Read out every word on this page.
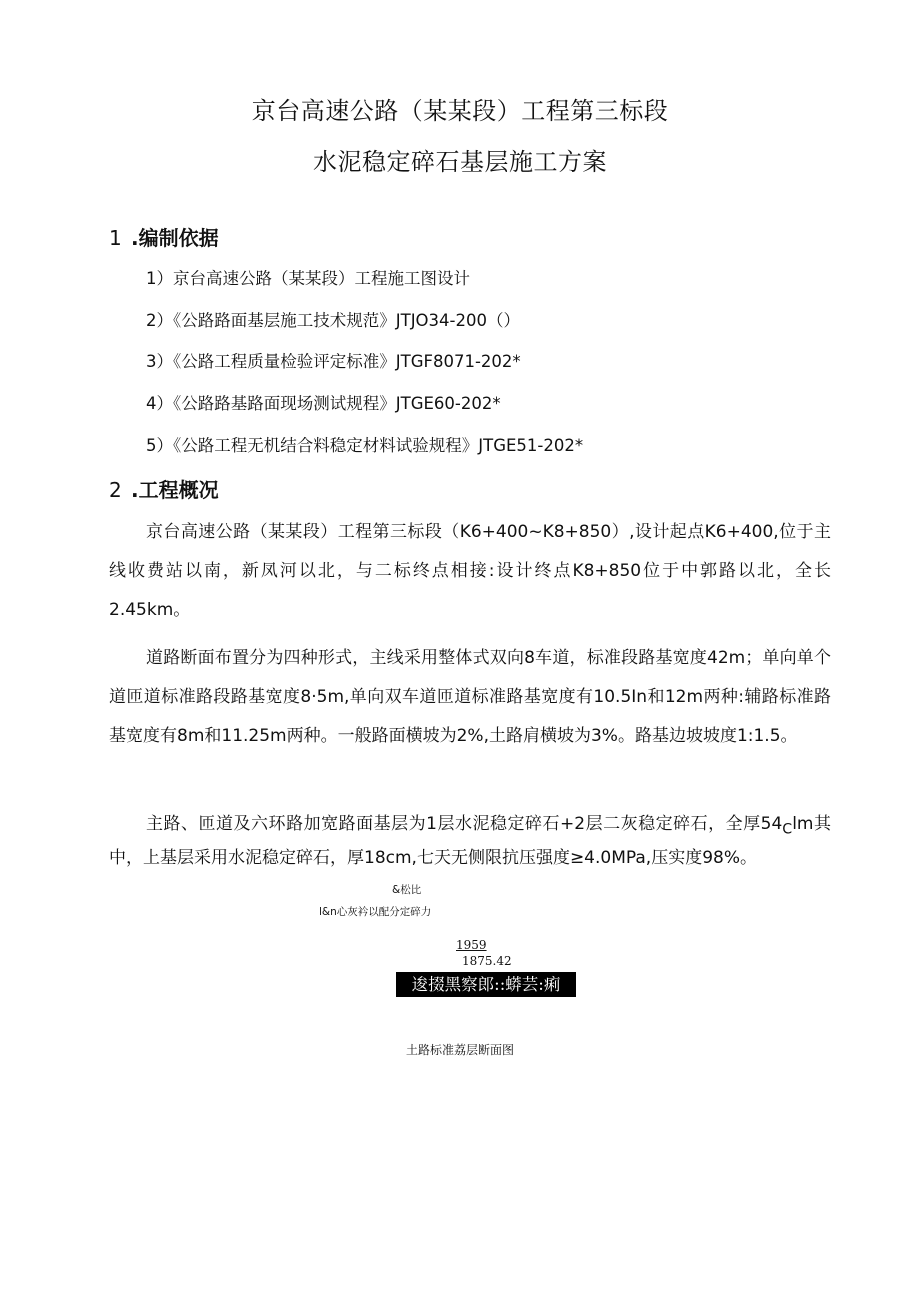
京台高速公路（某某段）工程第三标段
水泥稳定碎石基层施工方案
1 .编制依据
1）京台高速公路（某某段）工程施工图设计
2）《公路路面基层施工技术规范》JTJO34-200（）
3）《公路工程质量检验评定标准》JTGF8071-202*
4）《公路路基路面现场测试规程》JTGE60-202*
5）《公路工程无机结合料稳定材料试验规程》JTGE51-202*
2 .工程概况
京台高速公路（某某段）工程第三标段（K6+400~K8+850）,设计起点K6+400,位于主线收费站以南，新凤河以北，与二标终点相接:设计终点K8+850位于中郭路以北，全长2.45km。
道路断面布置分为四种形式，主线采用整体式双向8车道，标准段路基宽度42m；单向单个道匝道标准路段路基宽度8·5m,单向双车道匝道标准路基宽度有10.5In和12m两种:辅路标准路基宽度有8m和11.25m两种。一般路面横坡为2%,土路肩横坡为3%。路基边坡坡度1:1.5。
主路、匝道及六环路加宽路面基层为1层水泥稳定碎石+2层二灰稳定碎石，全厚$54_Clm$其中，上基层采用水泥稳定碎石，厚18cm,七天无侧限抗压强度≥4.0MPa,压实度98%。
&松比
l&n心灰衿以配分定碎力
1959
1875.42
逡掇黑察郎::蟒芸:痢
土路标准荔层断面图
